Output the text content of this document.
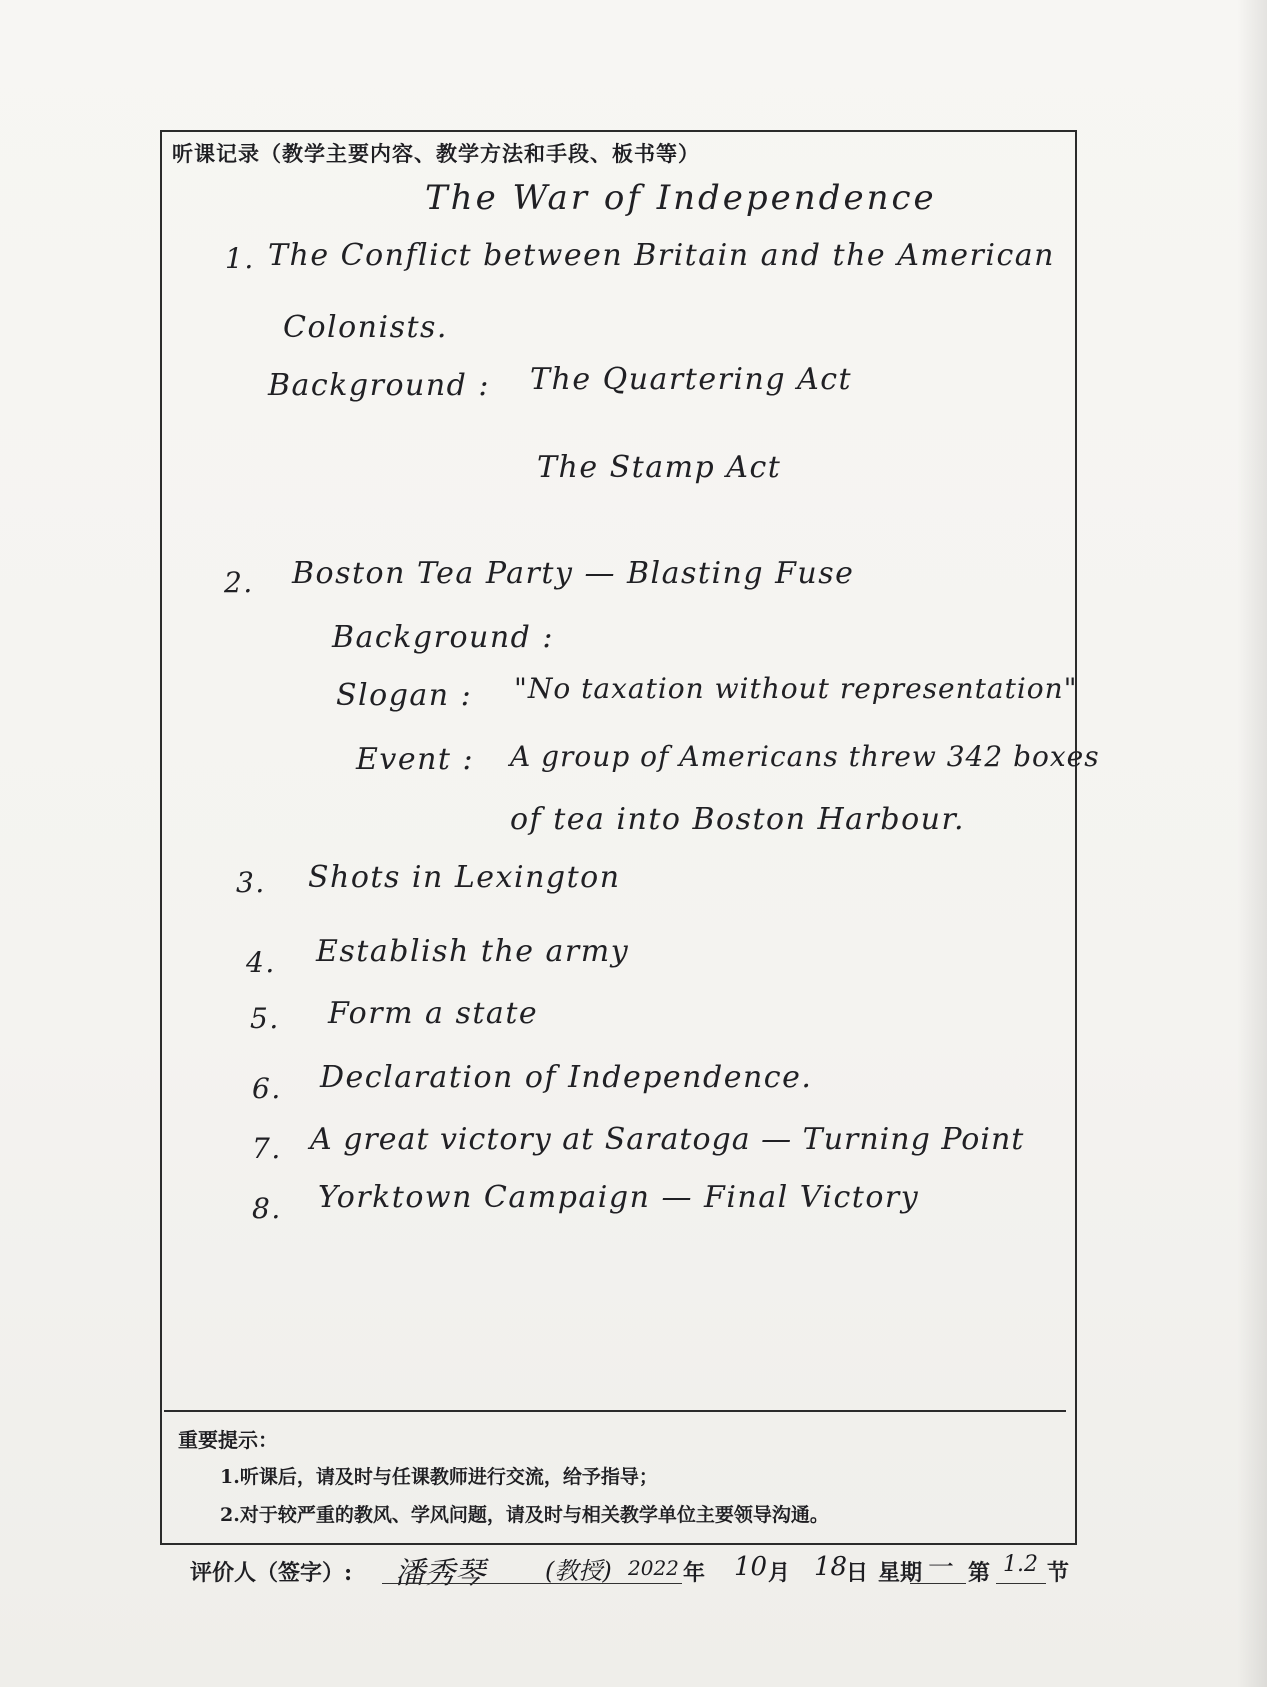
听课记录（教学主要内容、教学方法和手段、板书等）
The War of Independence
1. The Conflict between Britain and the American
Colonists.
Background : The Quartering Act
The Stamp Act
2. Boston Tea Party — Blasting Fuse
Background :
Slogan : "No taxation without representation"
Event : A group of Americans threw 342 boxes
of tea into Boston Harbour.
3. Shots in Lexington
4. Establish the army
5. Form a state
6. Declaration of Independence.
7. A great victory at Saratoga — Turning Point
8. Yorktown Campaign — Final Victory
重要提示：
1.听课后，请及时与任课教师进行交流，给予指导；
2.对于较严重的教风、学风问题，请及时与相关教学单位主要领导沟通。
评价人（签字）: 潘秀琴	(教授) 2022 年 10 月 18
日 星期 一 第 1.2 节
